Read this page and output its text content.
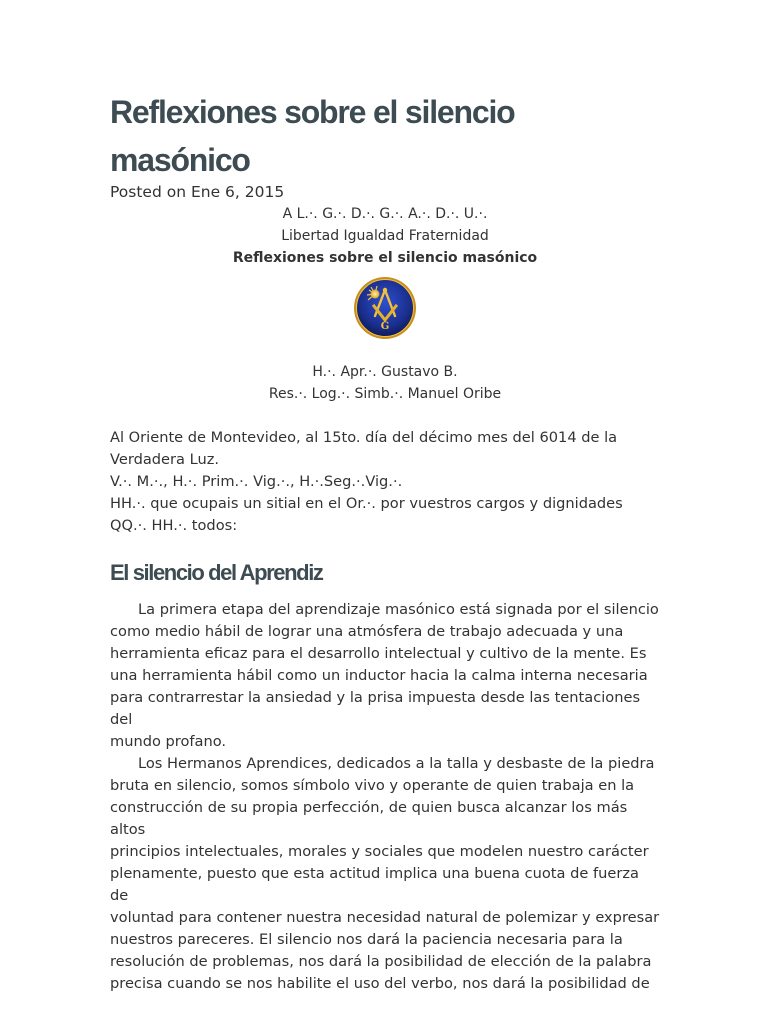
Reflexiones sobre el silencio masónico
Posted on Ene 6, 2015
A L.·. G.·. D.·. G.·. A.·. D.·. U.·.
Libertad Igualdad Fraternidad
Reflexiones sobre el silencio masónico
G
H.·. Apr.·. Gustavo B.
Res.·. Log.·. Simb.·. Manuel Oribe

Al Oriente de Montevideo, al 15to. día del décimo mes del 6014 de la

Verdadera Luz.

V.·. M.·., H.·. Prim.·. Vig.·., H.·.Seg.·.Vig.·.

HH.·. que ocupais un sitial en el Or.·. por vuestros cargos y dignidades

QQ.·. HH.·. todos:

El silencio del Aprendiz

La primera etapa del aprendizaje masónico está signada por el silencio

como medio hábil de lograr una atmósfera de trabajo adecuada y una

herramienta eficaz para el desarrollo intelectual y cultivo de la mente. Es

una herramienta hábil como un inductor hacia la calma interna necesaria

para contrarrestar la ansiedad y la prisa impuesta desde las tentaciones del

mundo profano.

Los Hermanos Aprendices, dedicados a la talla y desbaste de la piedra

bruta en silencio, somos símbolo vivo y operante de quien trabaja en la

construcción de su propia perfección, de quien busca alcanzar los más altos

principios intelectuales, morales y sociales que modelen nuestro carácter

plenamente, puesto que esta actitud implica una buena cuota de fuerza de

voluntad para contener nuestra necesidad natural de polemizar y expresar

nuestros pareceres. El silencio nos dará la paciencia necesaria para la

resolución de problemas, nos dará la posibilidad de elección de la palabra

precisa cuando se nos habilite el uso del verbo, nos dará la posibilidad de
